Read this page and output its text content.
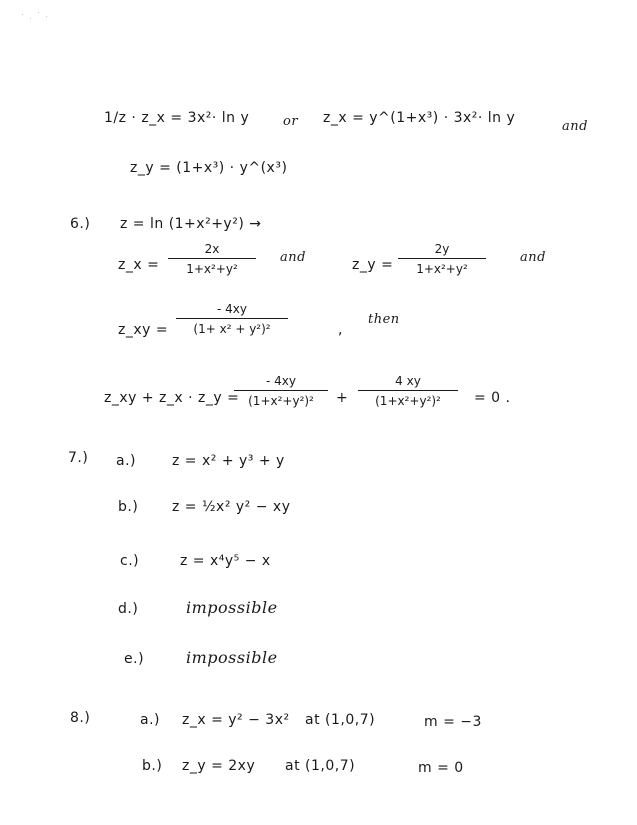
1/z · z_x = 3x²· ln y	or z_x = y^(1+x³) · 3x²· ln y
and
z_y = (1+x³) · y^(x³)
6.) z = ln (1+x²+y²) →
z_x =
2x
1+x²+y²
and	z_y =
2y
1+x²+y²
and
z_xy =
- 4xy
(1+ x² + y²)²	,
then
z_xy + z_x · z_y =
- 4xy
(1+x²+y²)²	+
4 xy
(1+x²+y²)²	= 0 .
7.) a.)	z = x² + y³ + y
b.) z = ½x² y² − xy
c.)	z = x⁴y⁵ − x
d.)	impossible
e.)	impossible
8.)	a.) z_x = y² − 3x² at (1,0,7)	m = −3
b.) z_y = 2xy at (1,0,7)	m = 0
